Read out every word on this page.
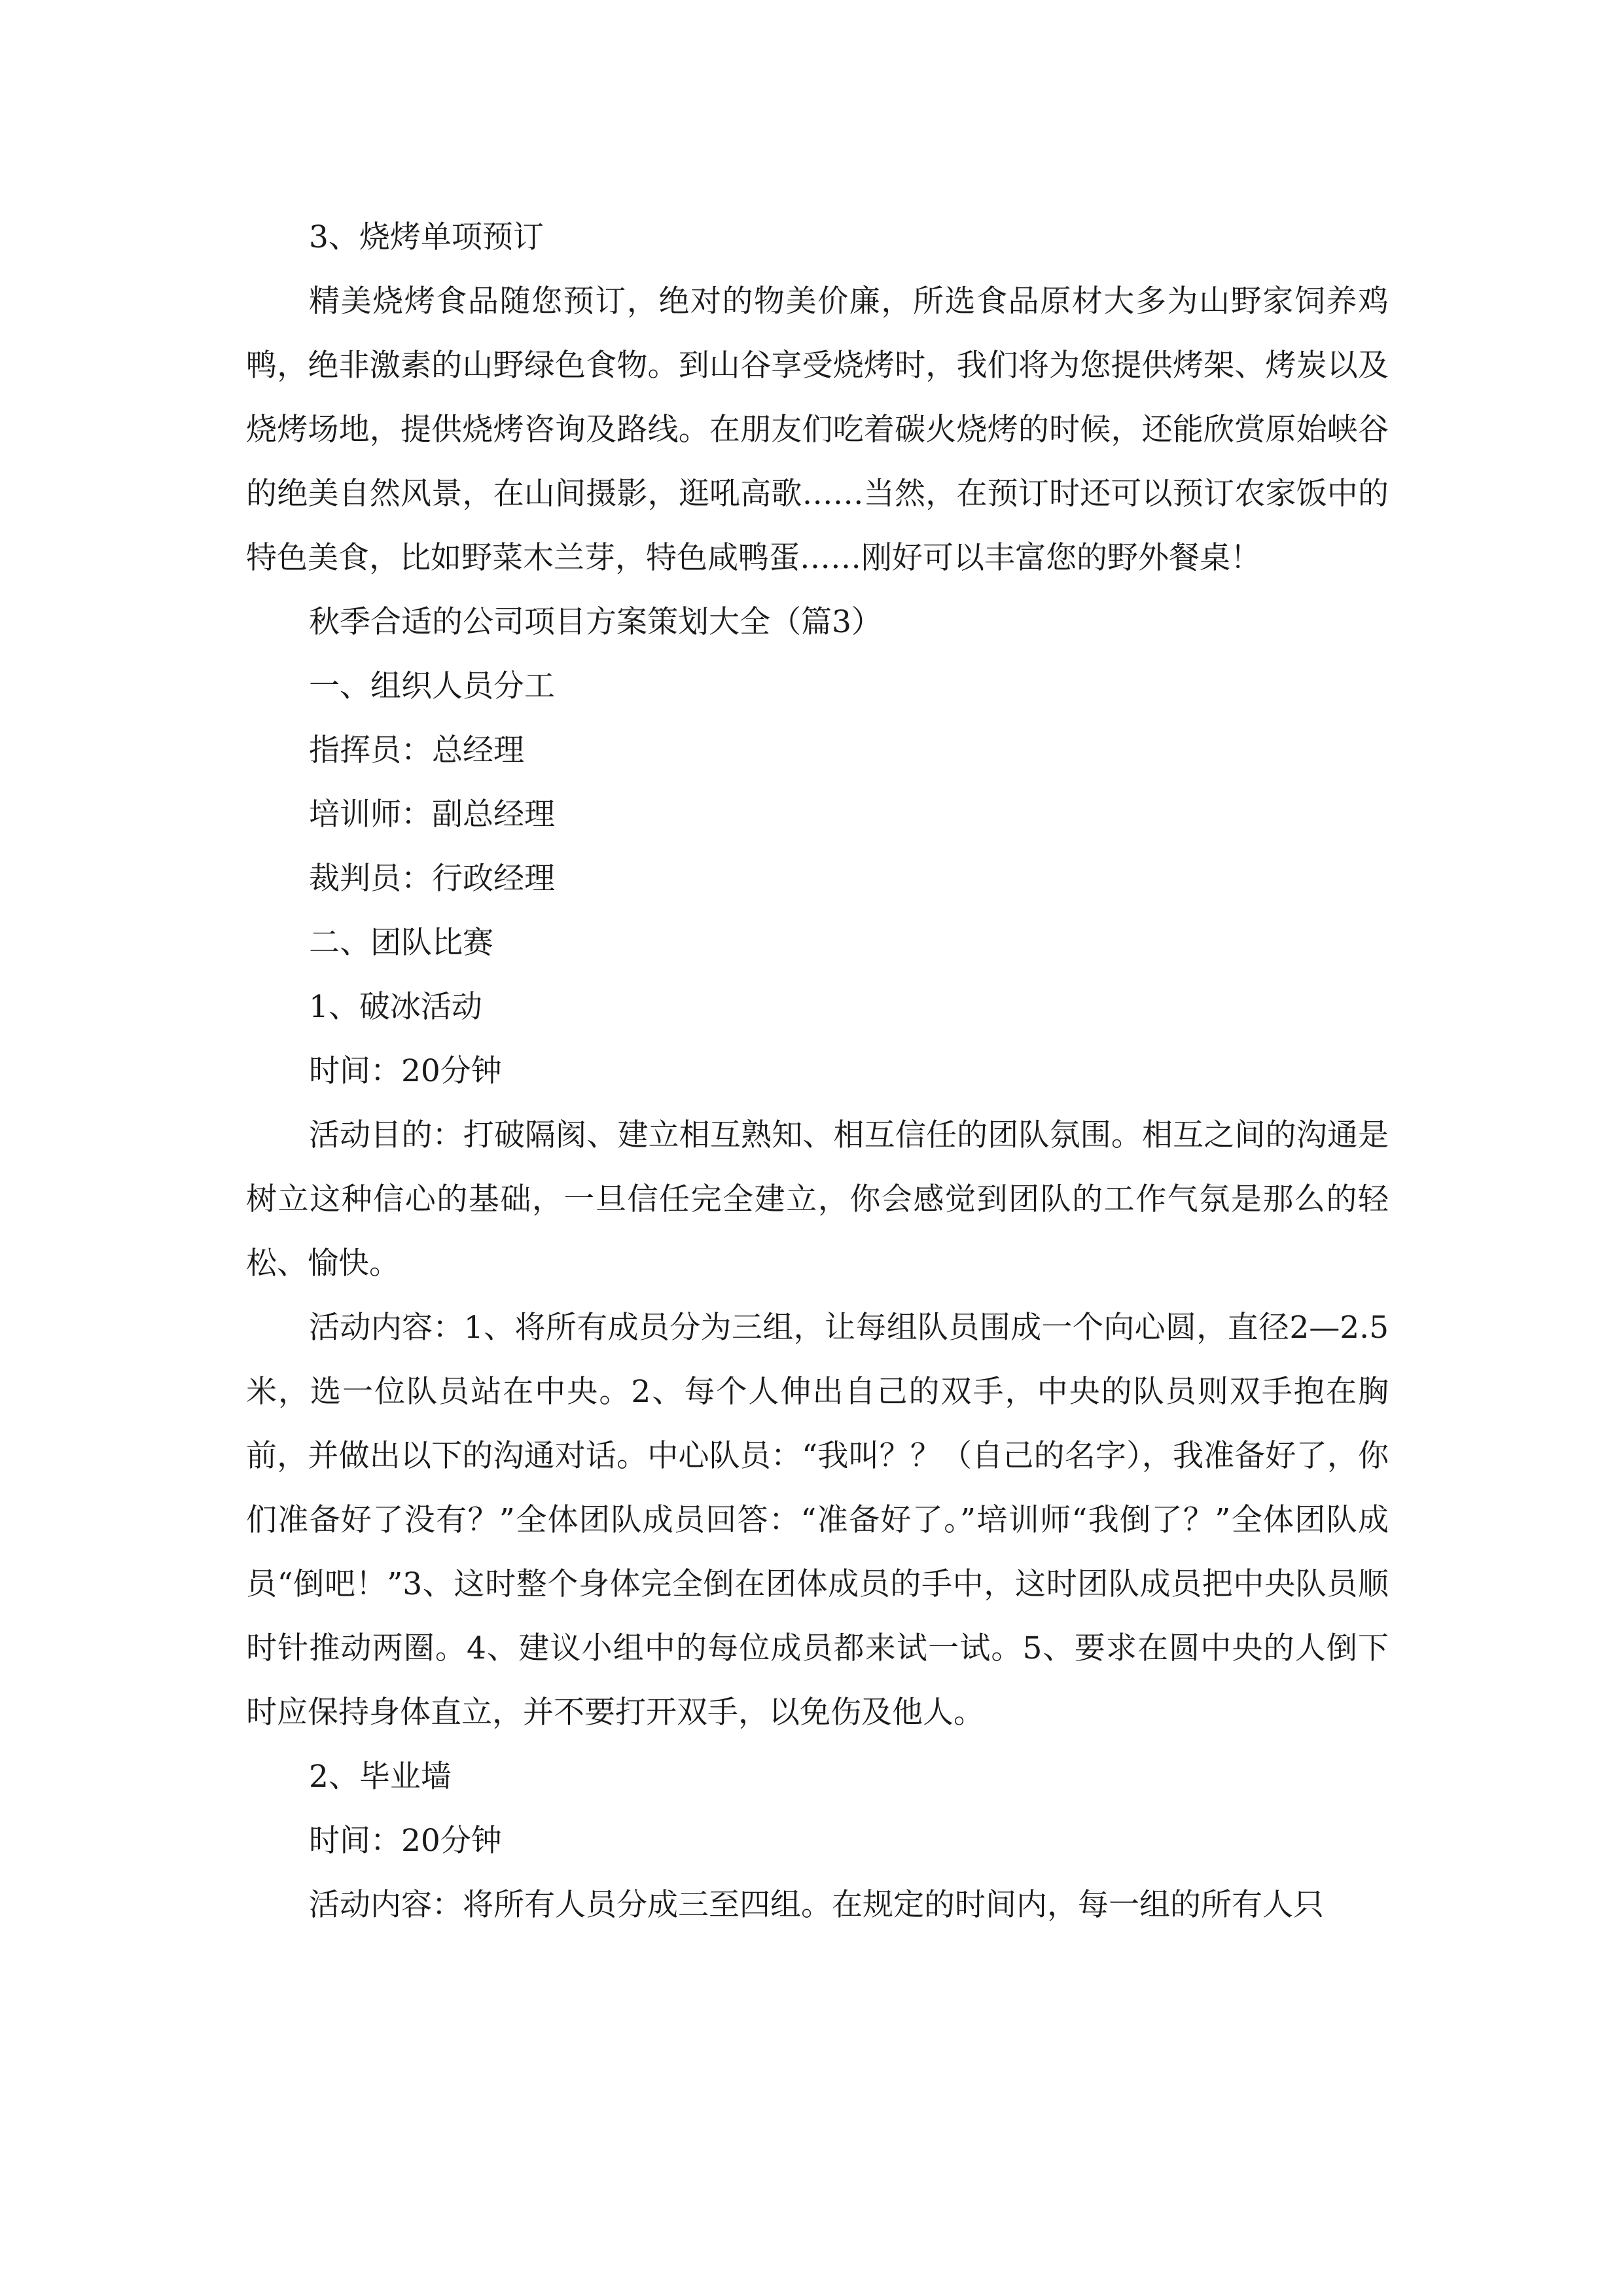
3、烧烤单项预订

精美烧烤食品随您预订，绝对的物美价廉，所选食品原材大多为山野家饲养鸡鸭，绝非激素的山野绿色食物。到山谷享受烧烤时，我们将为您提供烤架、烤炭以及烧烤场地，提供烧烤咨询及路线。在朋友们吃着碳火烧烤的时候，还能欣赏原始峡谷的绝美自然风景，在山间摄影，逛吼高歌……当然，在预订时还可以预订农家饭中的特色美食，比如野菜木兰芽，特色咸鸭蛋……刚好可以丰富您的野外餐桌！

秋季合适的公司项目方案策划大全（篇3）

一、组织人员分工

指挥员：总经理

培训师：副总经理

裁判员：行政经理

二、团队比赛

1、破冰活动

时间：20分钟

活动目的：打破隔阂、建立相互熟知、相互信任的团队氛围。相互之间的沟通是树立这种信心的基础，一旦信任完全建立，你会感觉到团队的工作气氛是那么的轻松、愉快。

活动内容：1、将所有成员分为三组，让每组队员围成一个向心圆，直径2—2.5米，选一位队员站在中央。2、每个人伸出自己的双手，中央的队员则双手抱在胸前，并做出以下的沟通对话。中心队员：“我叫？？（自己的名字），我准备好了，你们准备好了没有？”全体团队成员回答：“准备好了。”培训师“我倒了？”全体团队成员“倒吧！”3、这时整个身体完全倒在团体成员的手中，这时团队成员把中央队员顺时针推动两圈。4、建议小组中的每位成员都来试一试。5、要求在圆中央的人倒下时应保持身体直立，并不要打开双手，以免伤及他人。

2、毕业墙

时间：20分钟

活动内容：将所有人员分成三至四组。在规定的时间内，每一组的所有人只
